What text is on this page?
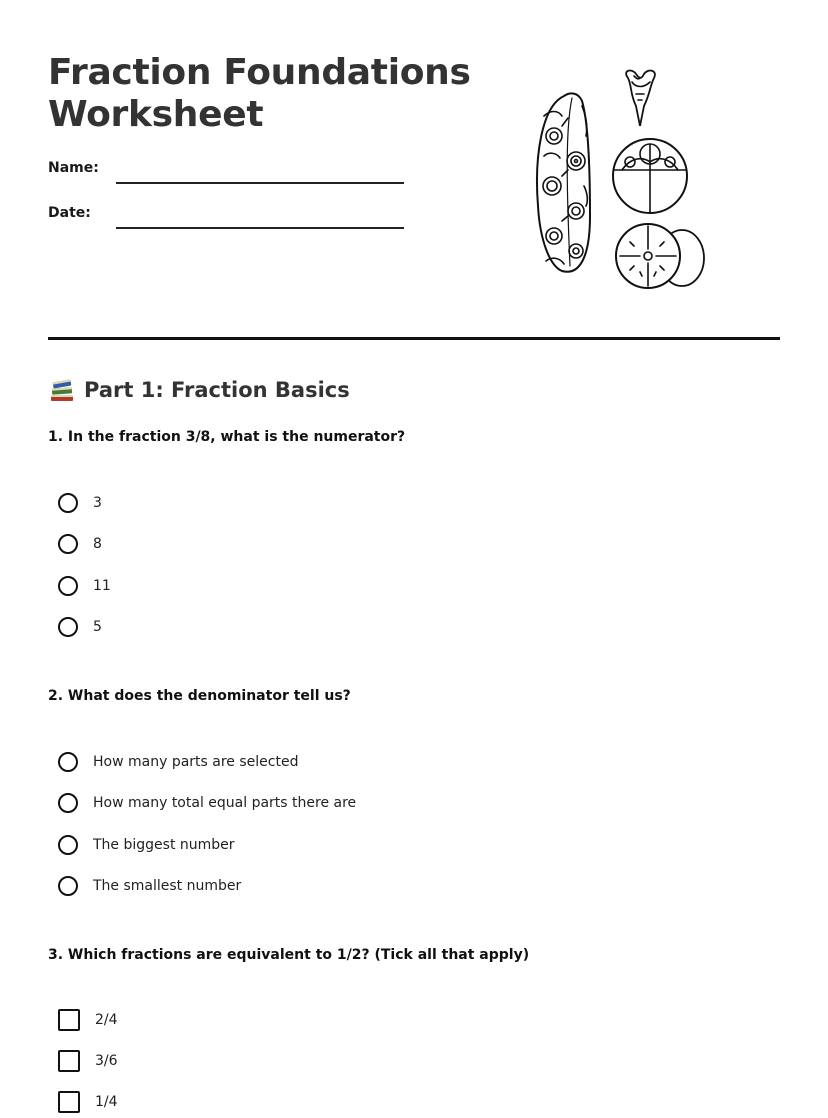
Fraction Foundations
Worksheet
Name:
Date:
Part 1: Fraction Basics
1. In the fraction 3/8, what is the numerator?
3
8
11
5
2. What does the denominator tell us?
How many parts are selected
How many total equal parts there are
The biggest number
The smallest number
3. Which fractions are equivalent to 1/2? (Tick all that apply)
2/4
3/6
1/4
